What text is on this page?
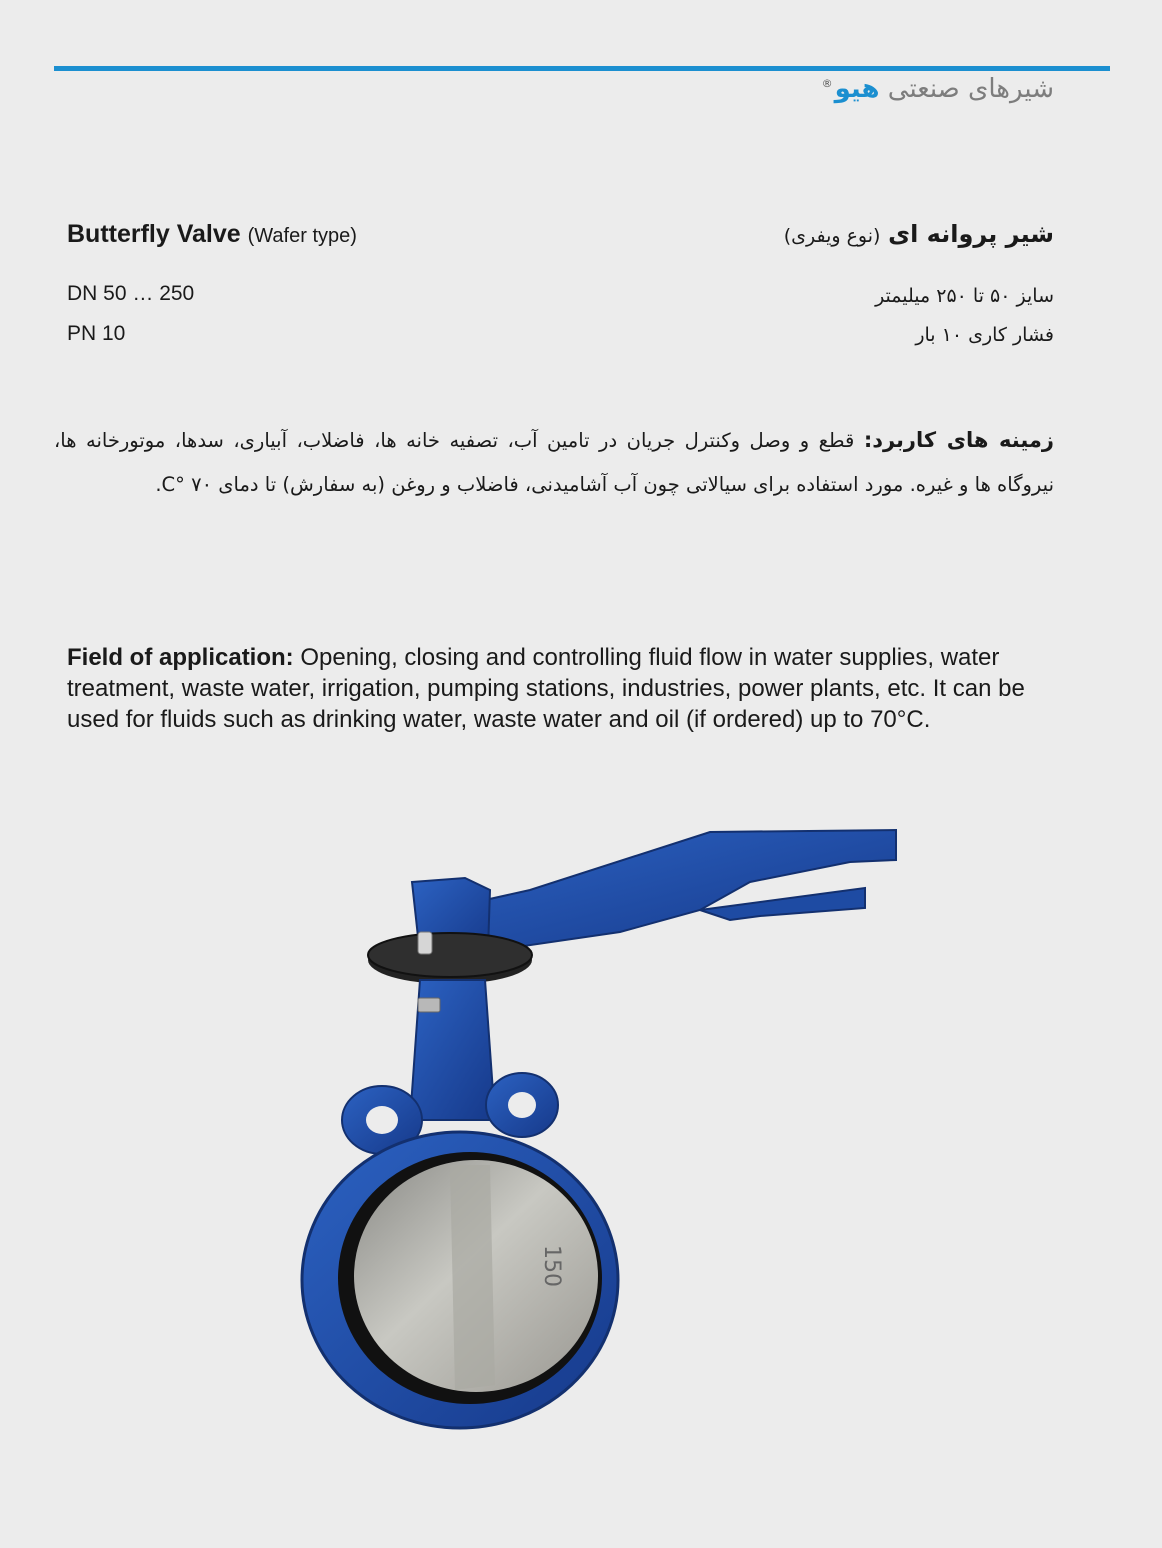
شیرهای صنعتی هیو®
Butterfly Valve (Wafer type)
DN 50 … 250
PN 10
شیر پروانه ای (نوع ویفری)
سایز ۵۰ تا ۲۵۰ میلیمتر
فشار کاری ۱۰ بار
زمینه های کاربرد: قطع و وصل وکنترل جریان در تامین آب، تصفیه خانه ها، فاضلاب، آبیاری، سدها، موتورخانه ها، نیروگاه ها و غیره. مورد استفاده برای سیالاتی چون آب آشامیدنی، فاضلاب و روغن (به سفارش) تا دمای ۷۰ °C.
Field of application: Opening, closing and controlling fluid flow in water supplies, water treatment, waste water, irrigation, pumping stations, industries, power plants, etc. It can be used for fluids such as drinking water, waste water and oil (if ordered) up to 70°C.
150
